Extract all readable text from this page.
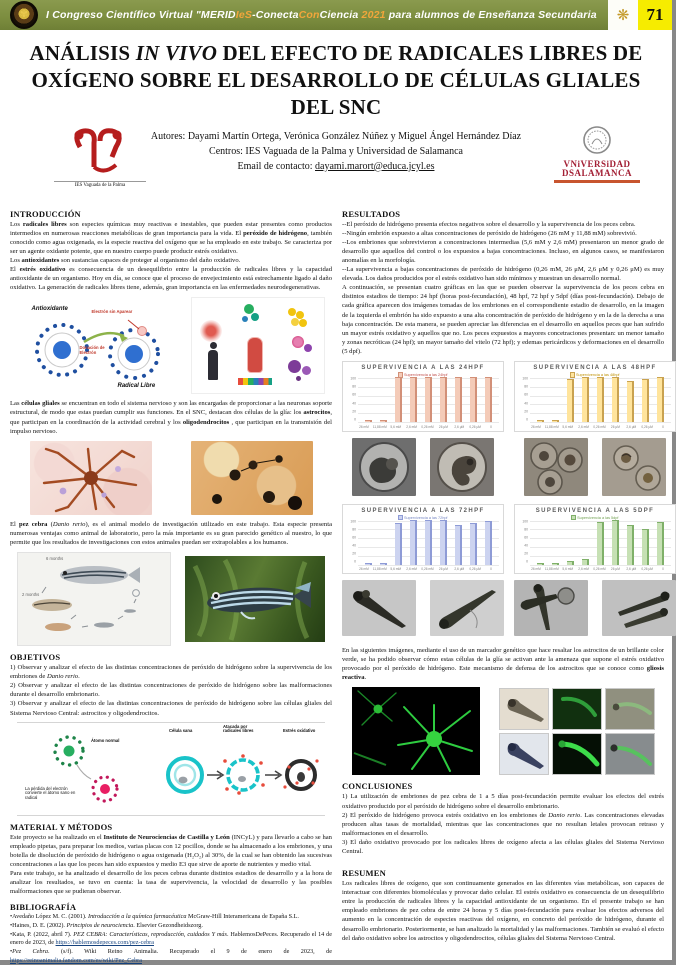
✾	I Congreso Científico Virtual "MERIDIeS-ConectaConCiencia 2021 para alumnos de Enseñanza Secundaria	❋	71
ANÁLISIS IN VIVO DEL EFECTO DE RADICALES LIBRES DE OXÍGENO SOBRE EL DESARROLLO DE CÉLULAS GLIALES DEL SNC
IES Vaguada de la Palma
Autores: Dayami Martín Ortega, Verónica González Núñez y Miguel Ángel Hernández Díaz
Centros: IES Vaguada de la Palma y Universidad de Salamanca
Email de contacto: dayami.marort@educa.jcyl.es	VNiVERSiDAD
DSALAMANCA
INTRODUCCIÓN

Los radicales libres son especies químicas muy reactivas e inestables, que pueden estar presentes como productos intermedios en numerosas reacciones metabólicas de gran importancia para la vida. El peróxido de hidrógeno, también conocido como agua oxigenada, es la especie reactiva del oxígeno que se ha empleado en este trabajo. Se caracteriza por ser un agente oxidante potente, que en nuestro cuerpo puede producir estrés oxidativo.

Los antioxidantes son sustancias capaces de proteger al organismo del daño oxidativo.

El estrés oxidativo es consecuencia de un desequilibrio entre la producción de radicales libres y la capacidad antioxidante de un organismo. Hoy en día, se conoce que el proceso de envejecimiento está estrechamente ligado al daño oxidativo. La generación de radicales libres tiene, además, gran importancia en las enfermedades neurodegenerativas.

Antioxidante	Electrón sin Aparear
Donación de Electrón
Radical Libre

Las células gliales se encuentran en todo el sistema nervioso y son las encargadas de proporcionar a las neuronas soporte estructural, de modo que estas puedan cumplir sus funciones. En el SNC, destacan dos células de la glía: los astrocitos, que participan en la coordinación de la actividad cerebral y los oligodendrocitos , que participan en la transmisión del impulso nervioso.

El pez cebra (Danio rerio), es el animal modelo de investigación utilizado en este trabajo. Esta especie presenta numerosas ventajas como animal de laboratorio, pero la más importante es su gran parecido genético al nuestro, lo que permite que los resultados de investigaciones con estos animales puedan ser extrapolables a los humanos.

6 months
2 months
OBJETIVOS

1) Observar y analizar el efecto de las distintas concentraciones de peróxido de hidrógeno sobre la supervivencia de los embriones de Danio rerio.

2) Observar y analizar el efecto de las distintas concentraciones de peróxido de hidrógeno sobre las malformaciones durante el desarrollo embrionario.

3) Observar y analizar el efecto de las distintas concentraciones de peróxido de hidrógeno sobre las células gliales del Sistema Nervioso Central: astrocitos y oligodendrocitos.

Átomo normal
La pérdida del electrón convierte el átomo sano en radical
Célula sana
Atacada por radicales libres	Estrés oxidativo
MATERIAL Y MÉTODOS

Este proyecto se ha realizado en el Instituto de Neurociencias de Castilla y León (INCyL) y para llevarlo a cabo se han empleado pipetas, para preparar los medios, varias placas con 12 pocillos, donde se ha almacenado a los embriones, y una botella de disolución de peróxido de hidrógeno o agua oxigenada (H₂O₂) al 30%, de la cual se han obtenido las sucesivas concentraciones a las que los peces han sido expuestos y medio E3 que sirve de aporte de nutrientes y medio vital.

Para este trabajo, se ha analizado el desarrollo de los peces cebras durante distintos estadios de desarrollo y a la hora de analizar los resultados, se tuvo en cuenta: la tasa de supervivencia, la velocidad de desarrollo y las posibles malformaciones que se pudieran observar.

BIBLIOGRAFÍA

•Avedaño López M. C. (2001). Introducción a la química farmacéutica McGraw-Hill Interamericana de España S.L.

•Haines, D. E. (2002). Principios de neurociencia. Elsevier Gezondheidszorg.

•Kata, P. (2022, abril 7). PEZ CEBRA: Características, reproducción, cuidados Y más. HablemosDePeces. Recuperado el 14 de enero de 2023, de https://hablemosdepeces.com/pez-cebra

•Pez Cebra. (s/f). Wiki Reino Animalia. Recuperado el 9 de enero de 2023, de https://reinoanimalia.fandom.com/es/wiki/Pez_Cebra

RESULTADOS

--El peróxido de hidrógeno presenta efectos negativos sobre el desarrollo y la supervivencia de los peces cebra.

--Ningún embrión expuesto a altas concentraciones de peróxido de hidrógeno (26 mM y 11,88 mM) sobrevivió.

--Los embriones que sobrevivieron a concentraciones intermedias (5,6 mM y 2,6 mM) presentaron un menor grado de desarrollo que aquellos del control o los expuestos a bajas concentraciones. Incluso, en algunos casos, se manifestaron anomalías en la morfología.

--La supervivencia a bajas concentraciones de peróxido de hidrógeno (0,26 mM, 26 μM, 2,6 μM y 0,26 μM) es muy elevada. Los daños producidos por el estrés oxidativo han sido mínimos y muestran un desarrollo normal.

A continuación, se presentan cuatro gráficas en las que se pueden observar la supervivencia de los peces cebra en distintos estadios de tiempo: 24 hpf (horas post-fecundación), 48 hpf, 72 hpf y 5dpf (días post-fecundación). Debajo de cada gráfica aparecen dos imágenes tomadas de los embriones en el correspondiente estadio de desarrollo, en la imagen de la izquierda el embrión ha sido expuesto a una alta concentración de peróxido de hidrógeno y en la de la derecha a una baja concentración. De esta manera, se pueden apreciar las diferencias en el desarrollo en aquellos peces que han sufrido un mayor estrés oxidativo y aquellos que no. Los peces expuestos a mayores concetraciones presentan: un menor tamaño y zonas necróticas (24 hpf); un mayor tamaño del vitelo (72 hpf); y edemas pericárdicos y deformaciones en el desarrollo (5 dpf).

SUPERVIVENCIA A LAS 24HPF
Supervivencia a las 24hpf
100
80
60
40
20
0
26 mM	11,88 mM	5,6 mM	2,6 mM	0,26 mM	26 μM	2,6 μM	0,26 μM	0
SUPERVIVENCIA A LAS 48HPF
Supervivencia a las 48hpf
100
80
60
40
20
0
26 mM	11,88 mM	5,6 mM	2,6 mM	0,26 mM	26 μM	2,6 μM	0,26 μM	0
SUPERVIVENCIA A LAS 72HPF
Supervivencia a las 72hpf
100
80
60
40
20
0
26 mM	11,88 mM	5,6 mM	2,6 mM	0,26 mM	26 μM	2,6 μM	0,26 μM	0
SUPERVIVENCIA A LAS 5DPF
Supervivencia a las 5dpf
100
80
60
40
20
0
26 mM	11,88 mM	5,6 mM	2,6 mM	0,26 mM	26 μM	2,6 μM	0,26 μM	0

En las siguientes imágenes, mediante el uso de un marcador genético que hace resaltar los astrocitos de un brillante color verde, se ha podido observar cómo estas células de la glía se activan ante la amenaza que supone el estrés oxidativo provocado por el peróxido de hidrógeno. Este mecanismo de defensa de los astrocitos que se conoce como gliosis reactiva.

CONCLUSIONES

1) La utilización de embriones de pez cebra de 1 a 5 días post-fecundación permite evaluar los efectos del estrés oxidativo producido por el peróxido de hidrógeno sobre el desarrollo embrionario.

2) El peróxido de hidrógeno provoca estrés oxidativo en los embriones de Danio rerio. Las concentraciones elevadas producen altas tasas de mortalidad, mientras que las concentraciones que no resultan letales provocan retraso y malformaciones en el desarrollo.

3) El daño oxidativo provocado por los radicales libres de oxígeno afecta a las células gliales del Sistema Nervioso Central.

RESUMEN

Los radicales libres de oxígeno, que son continuamente generados en las diferentes vías metabólicas, son capaces de interactuar con diferentes biomoléculas y provocar daño celular. El estrés oxidativo es consecuencia de un desequilibrio entre la producción de radicales libres y la capacidad antioxidante de un organismo. En el presente trabajo se han empleado embriones de pez cebra de entre 24 horas y 5 días post-fecundación para evaluar los efectos adversos del aumento en la concentración de especies reactivas del oxígeno, en concreto del peróxido de hidrógeno, durante el desarrollo embrionario. Posteriormente, se han analizado la mortalidad y las malformaciones. También se evaluó el efecto del daño oxidativo sobre los astrocitos y oligodendrocitos, células gliales del Sistema Nervioso Central.
